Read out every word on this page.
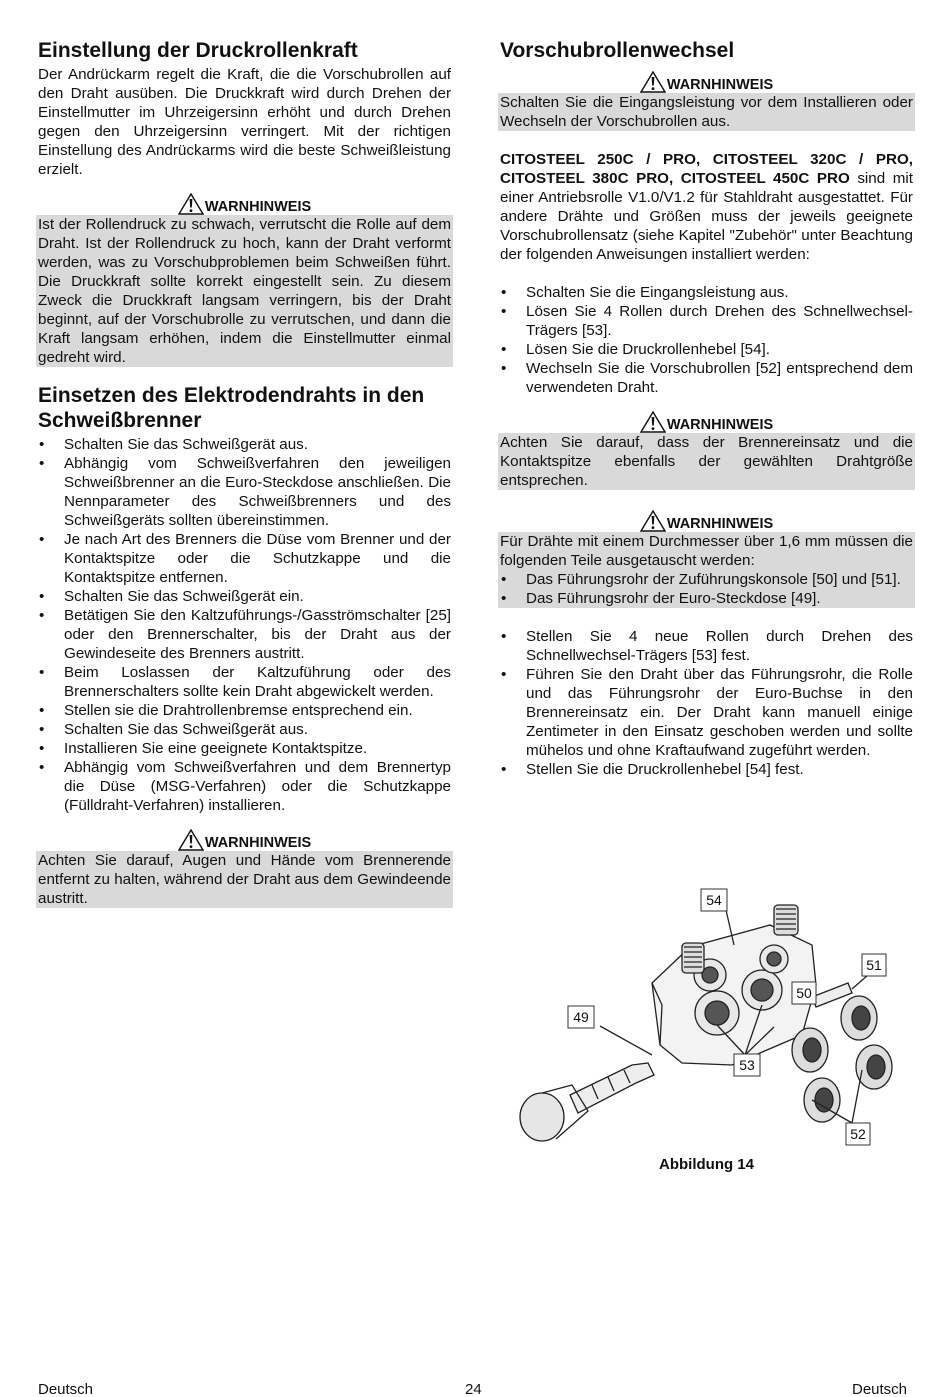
Einstellung der Druckrollenkraft

Der Andrückarm regelt die Kraft, die die Vorschubrollen auf den Draht ausüben. Die Druckkraft wird durch Drehen der Einstellmutter im Uhrzeigersinn erhöht und durch Drehen gegen den Uhrzeigersinn verringert. Mit der richtigen Einstellung des Andrückarms wird die beste Schweißleistung erzielt.

WARNHINWEIS

Ist der Rollendruck zu schwach, verrutscht die Rolle auf dem Draht. Ist der Rollendruck zu hoch, kann der Draht verformt werden, was zu Vorschubproblemen beim Schweißen führt. Die Druckkraft sollte korrekt eingestellt sein. Zu diesem Zweck die Druckkraft langsam verringern, bis der Draht beginnt, auf der Vorschubrolle zu verrutschen, und dann die Kraft langsam erhöhen, indem die Einstellmutter einmal gedreht wird.

Einsetzen des Elektrodendrahts in den Schweißbrenner
• Schalten Sie das Schweißgerät aus.
• Abhängig vom Schweißverfahren den jeweiligen Schweißbrenner an die Euro-Steckdose anschließen. Die Nennparameter des Schweißbrenners und des Schweißgeräts sollten übereinstimmen.
• Je nach Art des Brenners die Düse vom Brenner und der Kontaktspitze oder die Schutzkappe und die Kontaktspitze entfernen.
• Schalten Sie das Schweißgerät ein.
• Betätigen Sie den Kaltzuführungs-/Gasströmschalter [25] oder den Brennerschalter, bis der Draht aus der Gewindeseite des Brenners austritt.
• Beim Loslassen der Kaltzuführung oder des Brennerschalters sollte kein Draht abgewickelt werden.
• Stellen sie die Drahtrollenbremse entsprechend ein.
• Schalten Sie das Schweißgerät aus.
• Installieren Sie eine geeignete Kontaktspitze.
• Abhängig vom Schweißverfahren und dem Brennertyp die Düse (MSG-Verfahren) oder die Schutzkappe (Fülldraht-Verfahren) installieren.
WARNHINWEIS

Achten Sie darauf, Augen und Hände vom Brennerende entfernt zu halten, während der Draht aus dem Gewindeende austritt.

Vorschubrollenwechsel
WARNHINWEIS

Schalten Sie die Eingangsleistung vor dem Installieren oder Wechseln der Vorschubrollen aus.

CITOSTEEL 250C / PRO, CITOSTEEL 320C / PRO, CITOSTEEL 380C PRO, CITOSTEEL 450C PRO sind mit einer Antriebsrolle V1.0/V1.2 für Stahldraht ausgestattet. Für andere Drähte und Größen muss der jeweils geeignete Vorschubrollensatz (siehe Kapitel "Zubehör" unter Beachtung der folgenden Anweisungen installiert werden:

• Schalten Sie die Eingangsleistung aus.
• Lösen Sie 4 Rollen durch Drehen des Schnellwechsel-Trägers [53].
• Lösen Sie die Druckrollenhebel [54].
• Wechseln Sie die Vorschubrollen [52] entsprechend dem verwendeten Draht.
WARNHINWEIS

Achten Sie darauf, dass der Brennereinsatz und die Kontaktspitze ebenfalls der gewählten Drahtgröße entsprechen.

WARNHINWEIS

Für Drähte mit einem Durchmesser über 1,6 mm müssen die folgenden Teile ausgetauscht werden:

• Das Führungsrohr der Zuführungskonsole [50] und [51].
• Das Führungsrohr der Euro-Steckdose [49].
• Stellen Sie 4 neue Rollen durch Drehen des Schnellwechsel-Trägers [53] fest.
• Führen Sie den Draht über das Führungsrohr, die Rolle und das Führungsrohr der Euro-Buchse in den Brennereinsatz ein. Der Draht kann manuell einige Zentimeter in den Einsatz geschoben werden und sollte mühelos und ohne Kraftaufwand zugeführt werden.
• Stellen Sie die Druckrollenhebel [54] fest.
54
51
50
49
53
52
Abbildung 14
Deutsch	24	Deutsch
